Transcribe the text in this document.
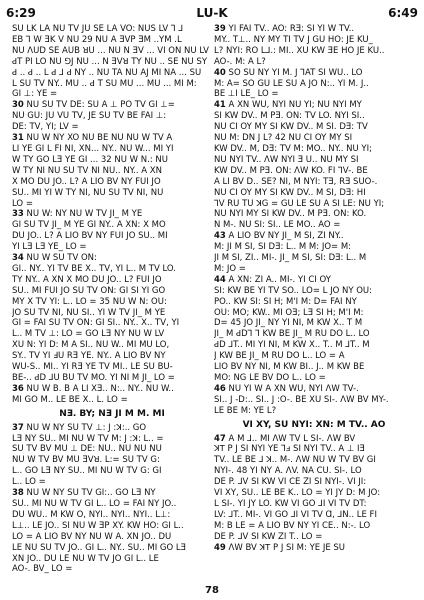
6:29	LU-K	6:49

SU LK LA NU TV JU SE LA VO: NUS LV ⅂ ⅃

EB ⅂ W ƎK V NU 29 NU A ƎVP ƎM ..ΥM .L

NU ɅUD SE AUB ꓤU ... NU N ƎV ... VI ON NU LV

ꓒT PI LO NU ⅁J NU ... N ƎVꓤ TY NU .. SE NU SY

ꓒ .. ꓒ .. L ꓒ ⅃ ꓒ NY .. NU TA NU AJ MI NA ... SU

L SU TV NY.. MU .. ꓒ T SU MU ... MU ... MI M:

GI ⊥: YE =

30 NU SU TV DE: SU A ⊥ PO TV GI ⊥=

NU GU: JU VU TV, JE SU TV BE FAI ⊥:

DE: TV, YI; LV =

31 NU W NY XO NU BE NU NU W TV A

LI YE GI L FI NI, XN... NY.. NU W... MI YI

W TY GO LƎ YE GI ... 32 NU W N.: NU

W TY NI NU SU TV NI NU.. NY.. A XN

X MO DU JO.. L? A LIO BV NY FUI JO

SU.. MI YI W TY NI, NU SU TV NI, NU

LO =

33 NU W: NY NU W TV JI_ M YE

GI SU TV JI_ M YE GI NY.. A XN: X MO

DU JO.. L? A LIO BV NY FUI JO SU.. MI

YI LƎ LƎ YE_ LO =

34 NU W SU TV ON:

GI.. NY.. YI TV BE X.. TV, YI L.. M TV LO.

TY NY.. A XN X MO DU JO.. L? FUI JO

SU.. MI FUI JO SU TV ON: GI SI YI GO

MY X TV YI: L.. LO = 35 NU W N: OU:

JO SU TV NI, NU SI.. YI W TV JI_ M YE

GI = FAI SU TV ON: GI SI.. NY.. X.. TV, YI

L.. M TV ⊥: LO = GO LƎ NY NU W LV

XU N: YI D: M A SI.. NU W.. MI MU LO,

SY.. TV YI ℲU RƎ YE. NY.. A LIO BV NY

WU-S.. MI.. YI RƎ YE TV MI.. LE SU BU-

BE-.. ꓒD ⅃U BU TV MO. YI NI M JI_ LO =

36 NU W B. B A LI XƎ.. N:.. NY.. NU W..

MI GO M.. LE BE X.. L. LO =

NƎ. BY; NƎ JI M M. MI

37 NU W NY SU TV ⊥: J :ꓘ:.. GO

LƎ NY SU.. MI NU W TV M: J :ꓘ: L.. =

SU TV BV MU ⊥ DE: NU.. NU NU NU

NU W TV BV MU ƎVꓤ. L:= SU TV G:

L.. GO LƎ NY SU.. MI NU W TV G: GI

L.. LO =

38 NU W NY SU TV GI:.. GO LƎ NY

SU.. MI NU W TV GI L.. LO = FAI NY JO..

DU WU.. M KW O, NYI.. NYI.. NYI.. L⊥:

L⊥.. LE JO.. SI NU W ƎP XY. KW HO: GI L..

LO = A LIO BV NY NU W A. XN JO.. DU

LE NU SU TV JO.. GI L.. NY.. SU.. MI GO LƎ

XN JO.. DU LE NU W TV JO GI L.. LE

AO-. BV_ LO =

39 YI FAI TV.. AO: RƎ: SI YI W TV..

MY.. T⊥.. NY MY TI TV J GU HO: JE KU_

L? NYI: RO L⅃.: MI.. XU KW ƎE HO JE KU..

AO-. M: A L?

40 SO SU NY YI M. J ⅂AT SI WU.. LO

M: A= SO GU LE SU A JO N:.. YI M. J..

BE ⊥I LE_ LO =

41 A XN WU, NYI NU YI; NU NYI MY

SI KW DV.. M PƎ. ON: TV LO. NYI SI..

NU CI OY MY SI KW DV.. M SI. DƎ: TV

NU M: DN J L? 42 NU CI OY MY SI

KW DV.. M, DƎ: TV M: MO.. NY.. NU YI;

NU NYI TV.. ΛW NYI Ǝ U.. NU MY SI

KW DV.. M PƎ. ON: ΛW KO. FI ⅂V-. BE

A LI BV D.. SE? NI, M NYI: TƎ, RƎ SUO-.

NU CI OY MY SI KW DV.. M SI, DƎ: HI

⅂V RU TU ꓘG = GU LE SU A SI LE: NU YI;

NU NYI MY SI KW DV.. M PƎ. ON: KO.

N M-. NU SI: SI.. LE MO.. AO =

43 A LIO BV NY JI_ M SI, ZI NY..

M: JI M SI, SI DƎ: L.. M M: JO= M:

JI M SI, ZI.. MI-. JI_ M SI, SI: DƎ: L.. M

M: JO =

44 A XN: ZI A.. MI-. YI CI OY

SI: KW BE YI TV SO.. LO= L JO NY OU:

PO.. KW SI: SI H; M'I M: D= FAI NY

OU: MO; KW.. MI OƎ; LƎ SI H; M'I M:

D= 45 JO JI_ NY YI NI, M KW X.. T M

JI_ M ꓒD⅂ ⅂ KW BE JI_ M RU DO L.. LO

ꓒD ⅃T.. MI YI NI, M KW X.. T.. M ⅃T.. M

J KW BE JI_ M RU DO L.. LO = A

LIO BV NY NI, M KW BI.. J.. M KW BE

MO: NG LE BV DO L.. LO =

46 NU YI W A XN WU, NYI ΛW TV-.

SI.. J -D:.. SI.. J :O-. BE XU SI-. ΛW BV MY-.

LE BE M: YE L?

VI XY, SU NYI: XN: M TV.. AO

47 A M ⅃.. MI ΛW TV L SI-. ΛW BV

ꓘꓔ P J SI NYI YE ⅂ⅎ SI NYI TV.. A ⊥ IƎ

TV.. LE BE ⅃ ꓘ.. M-. ΛW NU W TV BV GI

NYI-. 48 YI NY A. ΛV. NA CU. SI-. LO

DE P. ⅃V SI KW VI CE ZI SI NYI-. VI JI:

VI XY, SU.. LE BE K.. LO = YI JY D: M JO:

L SI-. YI JY LO. KW VI GO ⅃I VI TV DT:

LV: ⅃T.. MI-. VI GO ⅃I VI TV Ɑ, ⅃N.. LE FI

M: B LE = A LIO BV NY YI CE.. N:-. LO

DE P. ⅃V SI KW ZI T.. LO =

49 ΛW BV ꓘꓔ P J SI M: YE JE SU

78
